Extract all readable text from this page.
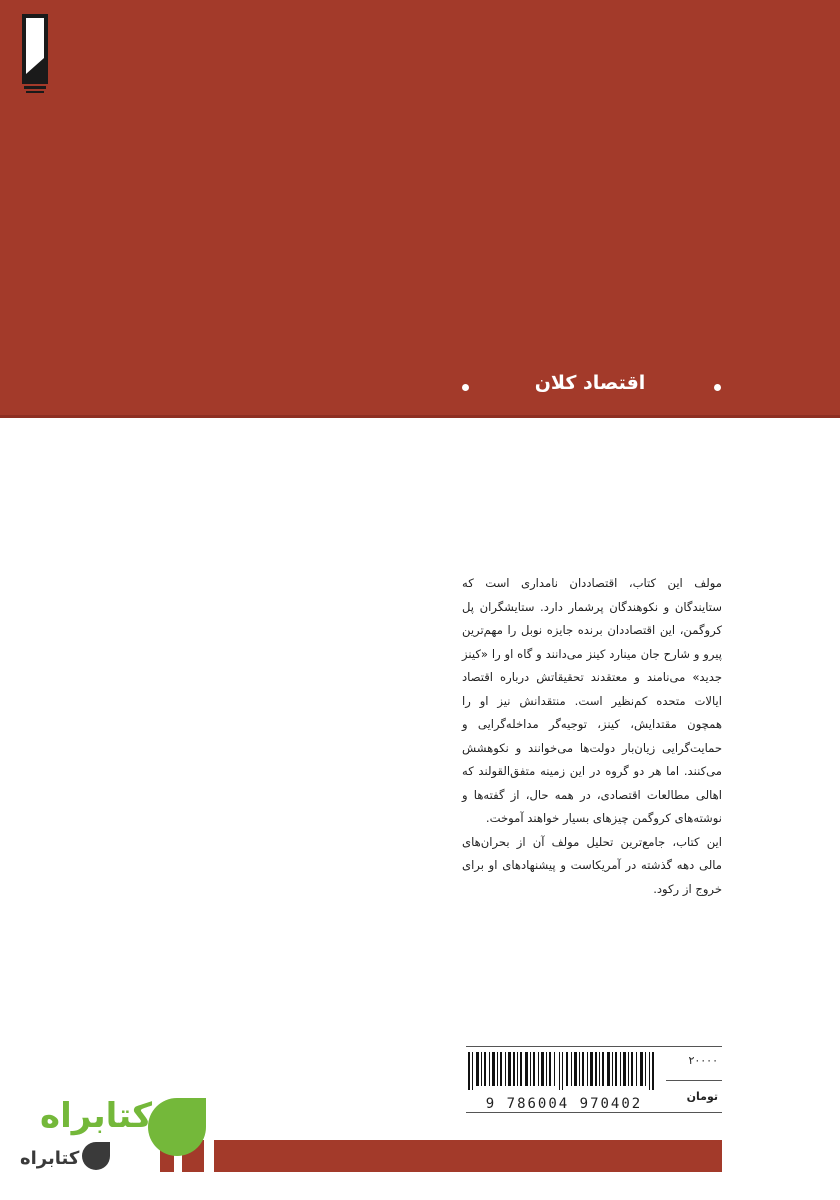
اقتصاد کلان

مولف این کتاب، اقتصاددان نامداری است که ستایندگان و نکوهندگان پرشمار دارد. ستایشگران پل کروگمن، این اقتصاددان برنده جایزه نوبل را مهم‌ترین پیرو و شارح جان مینارد کینز می‌دانند و گاه او را «کینز جدید» می‌نامند و معتقدند تحقیقاتش درباره اقتصاد ایالات متحده کم‌نظیر است. منتقدانش نیز او را همچون مقتدایش، کینز، توجیه‌گر مداخله‌گرایی و حمایت‌گرایی زیان‌بار دولت‌ها می‌خوانند و نکوهشش می‌کنند. اما هر دو گروه در این زمینه متفق‌القولند که اهالی مطالعات اقتصادی، در همه حال، از گفته‌ها و نوشته‌های کروگمن چیزهای بسیار خواهند آموخت.

این کتاب، جامع‌ترین تحلیل مولف آن از بحران‌های مالی دهه گذشته در آمریکاست و پیشنهادهای او برای خروج از رکود.

9 786004 970402
۲۰۰۰۰
تومان
کتابراه
کتابراه
